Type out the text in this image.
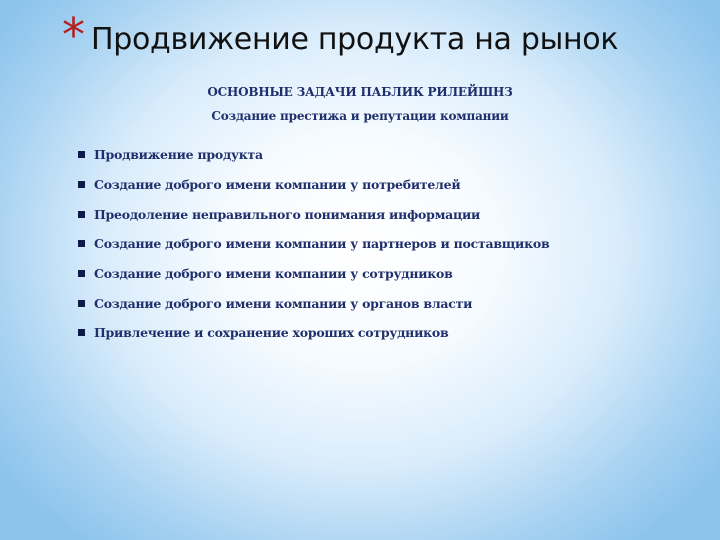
* Продвижение продукта на рынок
ОСНОВНЫЕ ЗАДАЧИ ПАБЛИК РИЛЕЙШНЗ
Создание престижа и репутации компании
Продвижение продукта
Создание доброго имени компании у потребителей
Преодоление неправильного понимания информации
Создание доброго имени компании у партнеров и поставщиков
Создание доброго имени компании у сотрудников
Создание доброго имени компании у органов власти
Привлечение и сохранение хороших сотрудников
